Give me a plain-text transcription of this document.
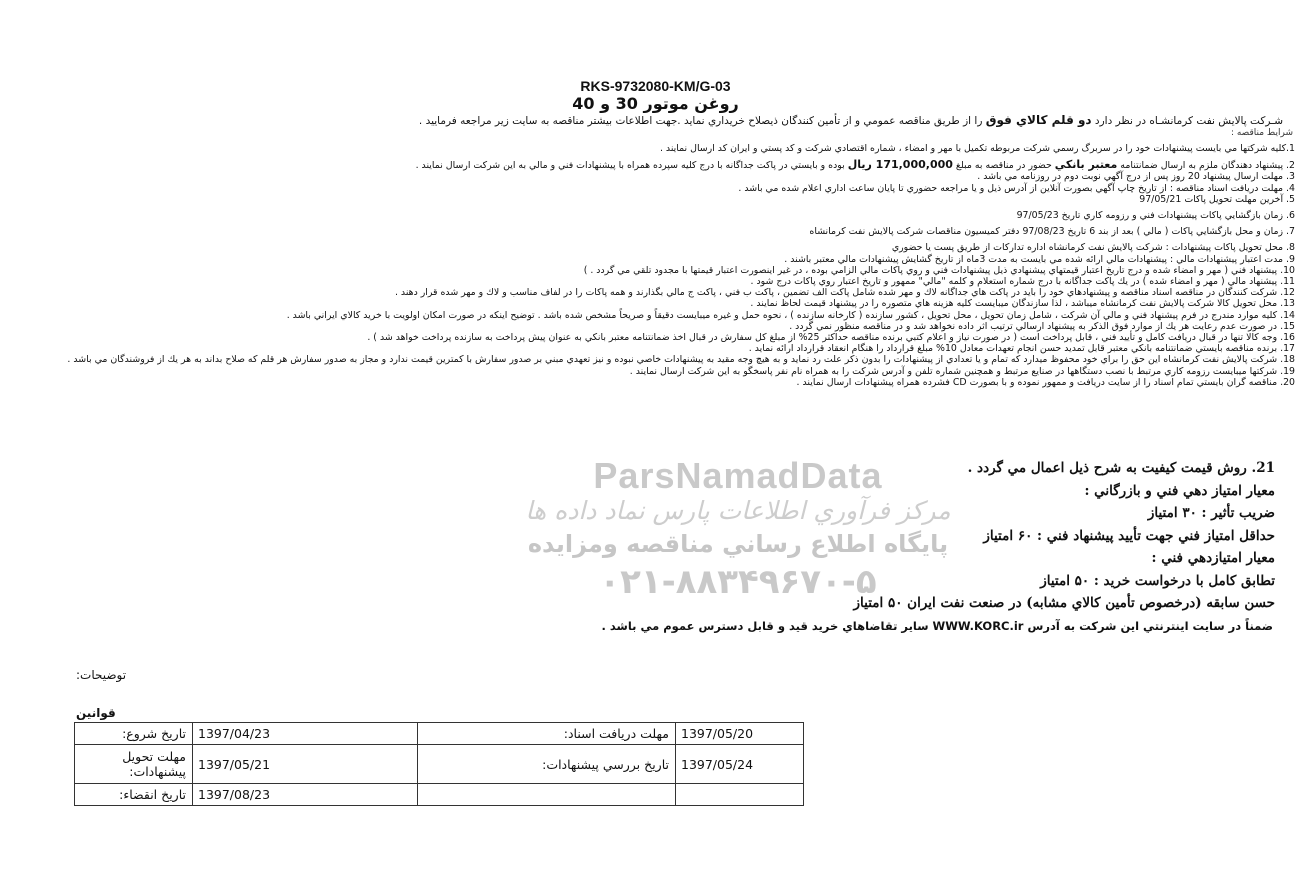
RKS-9732080-KM/G-03
روغن موتور 30 و 40
شـركت پالايش نفت كرمانشـاه در نظر دارد دو قلم كالاي فوق را از طريق مناقصه عمومي و از تأمين كنندگان ذيصلاح خريداري نمايد .جهت اطلاعات بيشتر مناقصه به سايت زير مراجعه فرماييد .
شرايط مناقصه :
1.كليه شركتها مي بايست پيشنهادات خود را در سربرگ رسمي شركت مربوطه تكميل با مهر و امضاء ، شماره اقتصادي شركت و كد پستي و ايران كد ارسال نمايند .
2. پيشنهاد دهندگان ملزم به ارسال ضمانتنامه معتبر بانكي حضور در مناقصه به مبلغ 171,000,000 ريال بوده و بايستي در پاكت جداگانه با درج كليه سپرده همراه با پيشنهادات فني و مالي به اين شركت ارسال نمايند .
3. مهلت ارسال پيشنهاد 20 روز پس از درج آگهي نوبت دوم در روزنامه مي باشد .
4. مهلت دريافت اسناد مناقصه : از تاريخ چاپ آگهي بصورت آنلاين از آدرس ذيل و يا مراجعه حضوري تا پايان ساعت اداري اعلام شده مي باشد .
5. آخرين مهلت تحويل پاكات 97/05/21
6. زمان بازگشايي پاكات پيشنهادات فني و رزومه كاري تاريخ 97/05/23
7. زمان و محل بازگشايي پاكات ( مالي ) بعد از بند 6 تاريخ 97/08/23 دفتر كميسيون مناقصات شركت پالايش نفت كرمانشاه
8. محل تحويل پاكات پيشنهادات : شركت پالايش نفت كرمانشاه اداره تداركات از طريق پست يا حضوري
9. مدت اعتبار پيشنهادات مالي : پيشنهادات مالي ارائه شده مي بايست به مدت 3ماه از تاريخ گشايش پيشنهادات مالي معتبر باشند .
10. پيشنهاد فني ( مهر و امضاء شده و درج تاريخ اعتبار قيمتهاي پيشنهادي ذيل پيشنهادات فني و روي پاكات مالي الزامي بوده ، در غير اينصورت اعتبار قيمتها با مجدود تلقي مي گردد . )
11. پيشنهاد مالي ( مهر و امضاء شده ) در يك پاكت جداگانه با درج شماره استعلام و كلمه "مالي" ممهور و تاريخ اعتبار روي پاكات درج شود .
12. شركت كنندگان در مناقصه اسناد مناقصه و پيشنهادهاي خود را بايد در پاكت هاي جداگانه لاك و مهر شده شامل پاكت الف تضمين ، پاكت ب فني ، پاكت ج مالي بگذارند و همه پاكات را در لفاف مناسب و لاك و مهر شده قرار دهند .
13. محل تحويل كالا شركت پالايش نفت كرمانشاه ميباشد ، لذا سازندگان ميبايست كليه هزينه هاي متصوره را در پيشنهاد قيمت لحاظ نمايند .
14. كليه موارد مندرج در فرم پيشنهاد فني و مالي آن شركت ، شامل زمان تحويل ، محل تحويل ، كشور سازنده ( كارخانه سازنده ) ، نحوه حمل و غيره ميبايست دقيقاً و صريحاً مشخص شده باشد . توضيح اينكه در صورت امكان اولويت با خريد كالاي ايراني باشد .
15. در صورت عدم رعايت هر يك از موارد فوق الذكر به پيشنهاد ارسالي ترتيب اثر داده نخواهد شد و در مناقصه منظور نمي گردد .
16. وجه كالا تنها در قبال دريافت كامل و تأييد فني ، قابل پرداخت است ( در صورت نياز و اعلام كتبي برنده مناقصه حداكثر 25% از مبلغ كل سفارش در قبال اخذ ضمانتنامه معتبر بانكي به عنوان پيش پرداخت به سازنده پرداخت خواهد شد ) .
17. برنده مناقصه بايستي ضمانتنامه بانكي معتبر قابل تمديد حسن انجام تعهدات معادل 10% مبلغ قرارداد را هنگام انعقاد قرارداد ارائه نمايد .
18. شركت پالايش نفت كرمانشاه اين حق را براي خود محفوظ ميدارد كه تمام و يا تعدادي از پيشنهادات را بدون ذكر علت رد نمايد و به هيچ وجه مقيد به پيشنهادات خاصي نبوده و نيز تعهدي مبني بر صدور سفارش با كمترين قيمت ندارد و مجاز به صدور سفارش هر قلم كه صلاح بداند به هر يك از فروشندگان مي باشد .
19. شركتها ميبايست رزومه كاري مرتبط با نصب دستگاهها در صنايع مرتبط و همچنين شماره تلفن و آدرس شركت را به همراه نام نفر پاسخگو به اين شركت ارسال نمايند .
20. مناقصه گران بايستي تمام اسناد را از سايت دريافت و ممهور نموده و با بصورت CD فشرده همراه پيشنهادات ارسال نمايند .
ParsNamadData
مركز فرآوري اطلاعات پارس نماد داده ها
پايگاه اطلاع رساني مناقصه ومزايده
۰۲۱-۸۸۳۴۹۶۷۰-۵
21. روش قيمت كيفيت به شرح ذيل اعمال مي گردد .
معيار امتياز دهي فني و بازرگاني :
ضريب تأثير : ۳۰ امتياز
حداقل امتياز فني جهت تأييد پيشنهاد فني : ۶۰ امتياز
معيار امتيازدهي فني :
تطابق كامل با درخواست خريد : ۵۰ امتياز
حسن سابقه (درخصوص تأمين كالاي مشابه) در صنعت نفت ايران ۵۰ امتياز
ضمناً در سايت اينترنتي اين شركت به آدرس WWW.KORC.ir ساير تقاضاهاي خريد قيد و قابل دسترس عموم مي باشد .
توضيحات:
قوانين
تاريخ شروع:	1397/04/23	مهلت دريافت اسناد:	1397/05/20
مهلت تحويل پيشنهادات:	1397/05/21	تاريخ بررسي پيشنهادات:	1397/05/24
تاريخ انقضاء:	1397/08/23		
